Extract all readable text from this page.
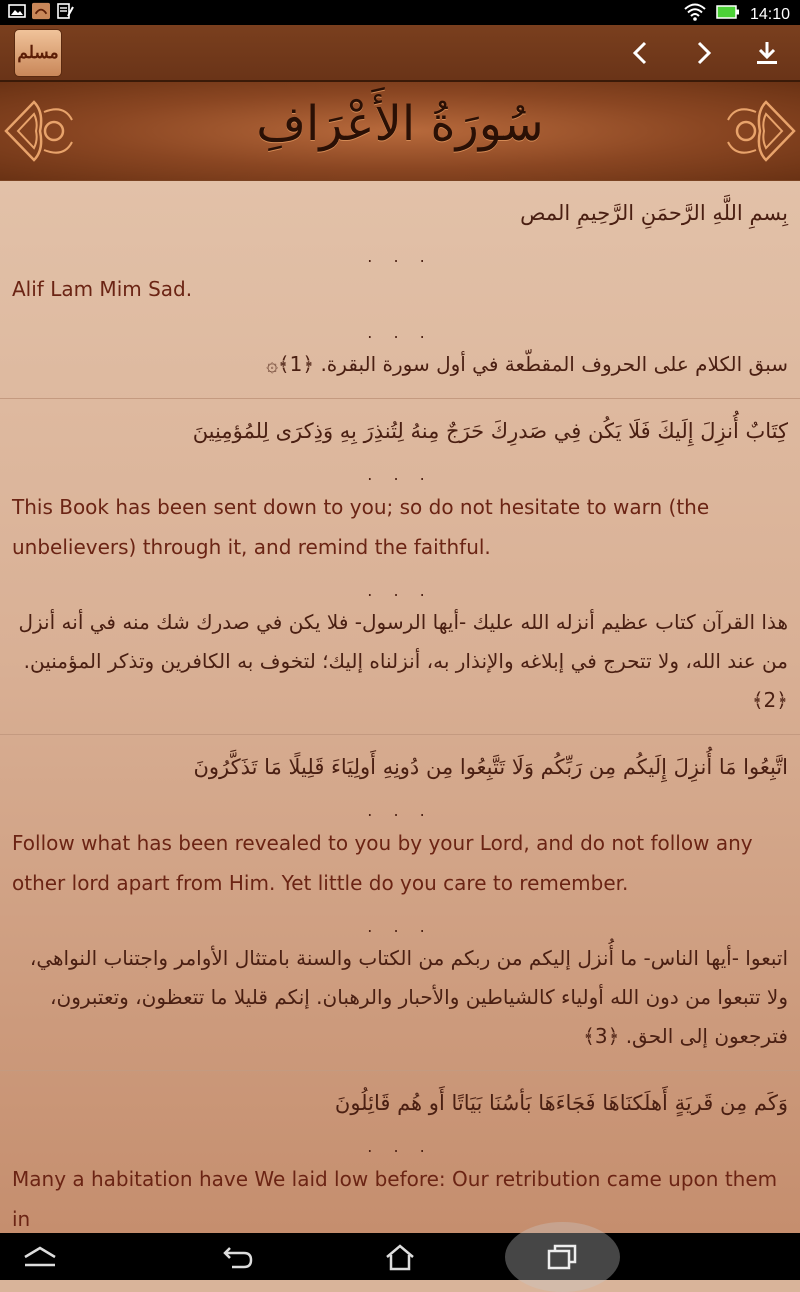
14:10
مسلم
سُورَةُ الأَعْرَافِ

بِسمِ اللَّهِ الرَّحمَنِ الرَّحِيمِ المص

. . .

Alif Lam Mim Sad.

. . .

سبق الكلام على الحروف المقطّعة في أول سورة البقرة. ﴿1﴾۞

كِتَابٌ أُنزِلَ إِلَيكَ فَلَا يَكُن فِي صَدرِكَ حَرَجٌ مِنهُ لِتُنذِرَ بِهِ وَذِكرَى لِلمُؤمِنِينَ

. . .

This Book has been sent down to you; so do not hesitate to warn (the unbelievers) through it, and remind the faithful.

. . .

هذا القرآن كتاب عظيم أنزله الله عليك -أيها الرسول- فلا يكن في صدرك شك منه في أنه أنزل من عند الله، ولا تتحرج في إبلاغه والإنذار به، أنزلناه إليك؛ لتخوف به الكافرين وتذكر المؤمنين. ﴿2﴾

اتَّبِعُوا مَا أُنزِلَ إِلَيكُم مِن رَبِّكُم وَلَا تَتَّبِعُوا مِن دُونِهِ أَولِيَاءَ قَلِيلًا مَا تَذَكَّرُونَ

. . .

Follow what has been revealed to you by your Lord, and do not follow any other lord apart from Him. Yet little do you care to remember.

. . .

اتبعوا -أيها الناس- ما أُنزل إليكم من ربكم من الكتاب والسنة بامتثال الأوامر واجتناب النواهي، ولا تتبعوا من دون الله أولياء كالشياطين والأحبار والرهبان. إنكم قليلا ما تتعظون، وتعتبرون، فترجعون إلى الحق. ﴿3﴾

وَكَم مِن قَريَةٍ أَهلَكنَاهَا فَجَاءَهَا بَأسُنَا بَيَاتًا أَو هُم قَائِلُونَ

. . .

Many a habitation have We laid low before: Our retribution came upon them in
